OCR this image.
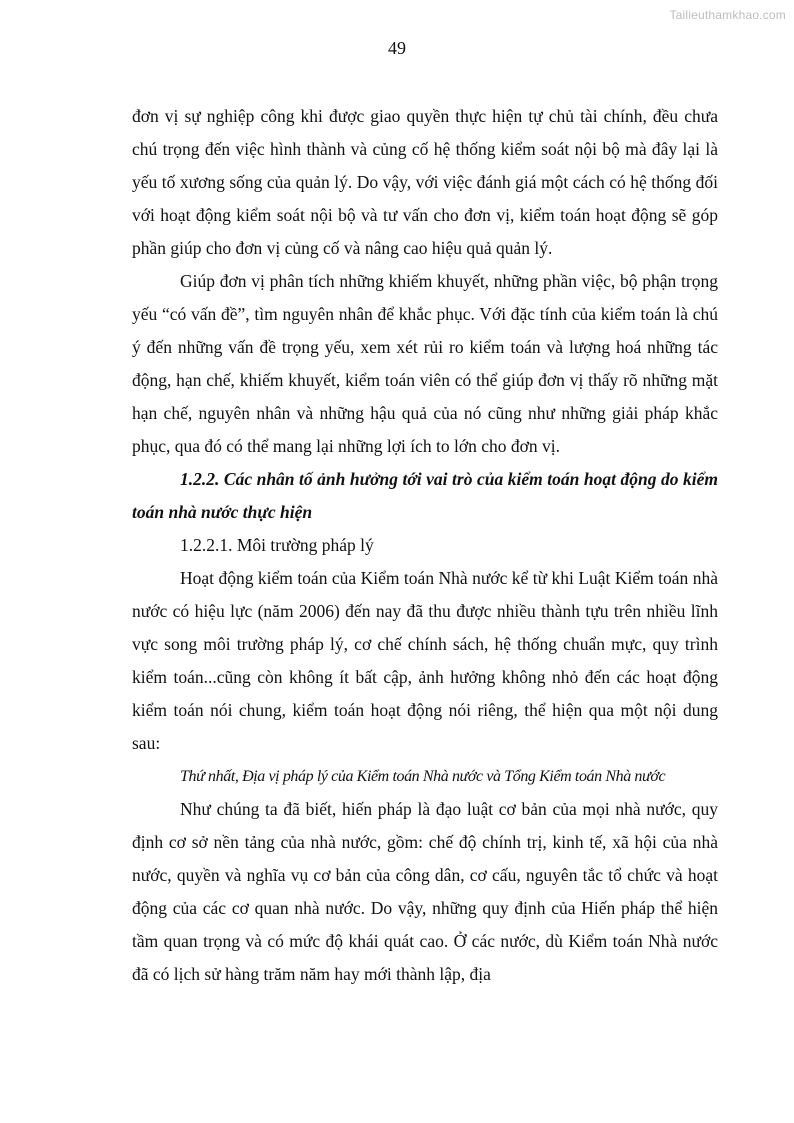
Tailieuthamkhao.com
49

đơn vị sự nghiệp công khi được giao quyền thực hiện tự chủ tài chính, đều chưa chú trọng đến việc hình thành và củng cố hệ thống kiểm soát nội bộ mà đây lại là yếu tố xương sống của quản lý. Do vậy, với việc đánh giá một cách có hệ thống đối với hoạt động kiểm soát nội bộ và tư vấn cho đơn vị, kiểm toán hoạt động sẽ góp phần giúp cho đơn vị củng cố và nâng cao hiệu quả quản lý.

Giúp đơn vị phân tích những khiếm khuyết, những phần việc, bộ phận trọng yếu “có vấn đề”, tìm nguyên nhân để khắc phục. Với đặc tính của kiểm toán là chú ý đến những vấn đề trọng yếu, xem xét rủi ro kiểm toán và lượng hoá những tác động, hạn chế, khiếm khuyết, kiểm toán viên có thể giúp đơn vị thấy rõ những mặt hạn chế, nguyên nhân và những hậu quả của nó cũng như những giải pháp khắc phục, qua đó có thể mang lại những lợi ích to lớn cho đơn vị.

1.2.2. Các nhân tố ảnh hưởng tới vai trò của kiểm toán hoạt động do kiểm toán nhà nước thực hiện

1.2.2.1. Môi trường pháp lý

Hoạt động kiểm toán của Kiểm toán Nhà nước kể từ khi Luật Kiểm toán nhà nước có hiệu lực (năm 2006) đến nay đã thu được nhiều thành tựu trên nhiều lĩnh vực song môi trường pháp lý, cơ chế chính sách, hệ thống chuẩn mực, quy trình kiểm toán...cũng còn không ít bất cập, ảnh hưởng không nhỏ đến các hoạt động kiểm toán nói chung, kiểm toán hoạt động nói riêng, thể hiện qua một nội dung sau:

Thứ nhất, Địa vị pháp lý của Kiểm toán Nhà nước và Tổng Kiểm toán Nhà nước

Như chúng ta đã biết, hiến pháp là đạo luật cơ bản của mọi nhà nước, quy định cơ sở nền tảng của nhà nước, gồm: chế độ chính trị, kinh tế, xã hội của nhà nước, quyền và nghĩa vụ cơ bản của công dân, cơ cấu, nguyên tắc tổ chức và hoạt động của các cơ quan nhà nước. Do vậy, những quy định của Hiến pháp thể hiện tầm quan trọng và có mức độ khái quát cao. Ở các nước, dù Kiểm toán Nhà nước đã có lịch sử hàng trăm năm hay mới thành lập, địa
